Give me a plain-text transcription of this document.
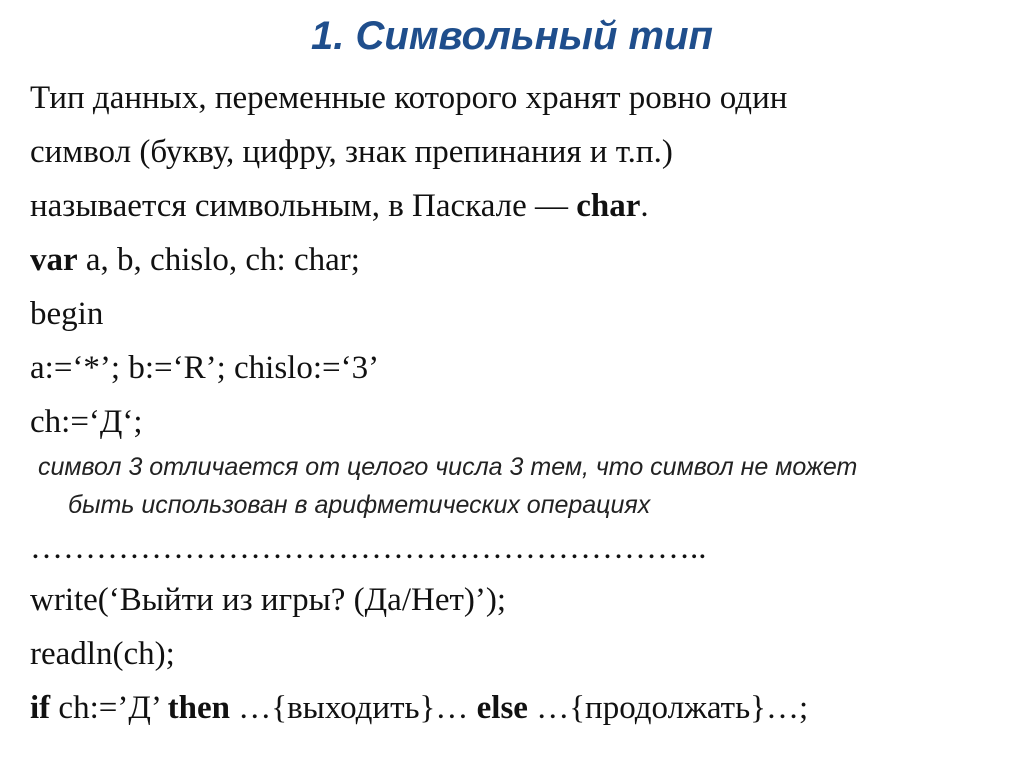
1. Символьный тип
Тип данных, переменные которого хранят ровно один
символ (букву, цифру, знак препинания и т.п.)
называется символьным, в Паскале — char.
var a, b, chislo, ch: char;
begin
a:=‘*’; b:=‘R’; chislo:=‘3’
ch:=‘Д‘;
символ 3 отличается от целого числа 3 тем, что символ не может
быть использован в арифметических операциях
……………………………………………………..
write(‘Выйти из игры? (Да/Нет)’);
readln(ch);
if ch:=’Д’ then …{выходить}… else …{продолжать}…;
